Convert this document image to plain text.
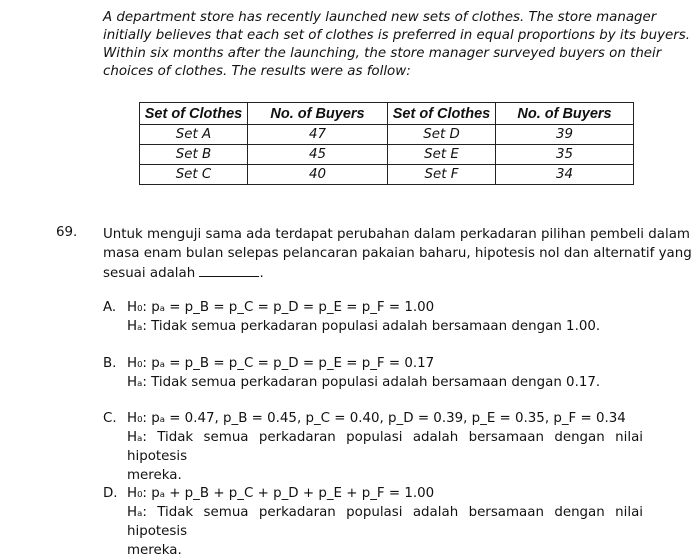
A department store has recently launched new sets of clothes. The store manager
initially believes that each set of clothes is preferred in equal proportions by its buyers.
Within six months after the launching, the store manager surveyed buyers on their
choices of clothes. The results were as follow:
Set of Clothes	No. of Buyers	Set of Clothes	No. of Buyers
Set A	47	Set D	39
Set B	45	Set E	35
Set C	40	Set F	34
69. Untuk menguji sama ada terdapat perubahan dalam perkadaran pilihan pembeli dalam
masa enam bulan selepas pelancaran pakaian baharu, hipotesis nol dan alternatif yang
sesuai adalah	.
A. H₀: pₐ = p_B = p_C = p_D = p_E = p_F = 1.00
Hₐ: Tidak semua perkadaran populasi adalah bersamaan dengan 1.00.
B. H₀: pₐ = p_B = p_C = p_D = p_E = p_F = 0.17
Hₐ: Tidak semua perkadaran populasi adalah bersamaan dengan 0.17.
C. H₀: pₐ = 0.47, p_B = 0.45, p_C = 0.40, p_D = 0.39, p_E = 0.35, p_F = 0.34
Hₐ: Tidak semua perkadaran populasi adalah bersamaan dengan nilai hipotesis
mereka.
D. H₀: pₐ + p_B + p_C + p_D + p_E + p_F = 1.00
Hₐ: Tidak semua perkadaran populasi adalah bersamaan dengan nilai hipotesis
mereka.
